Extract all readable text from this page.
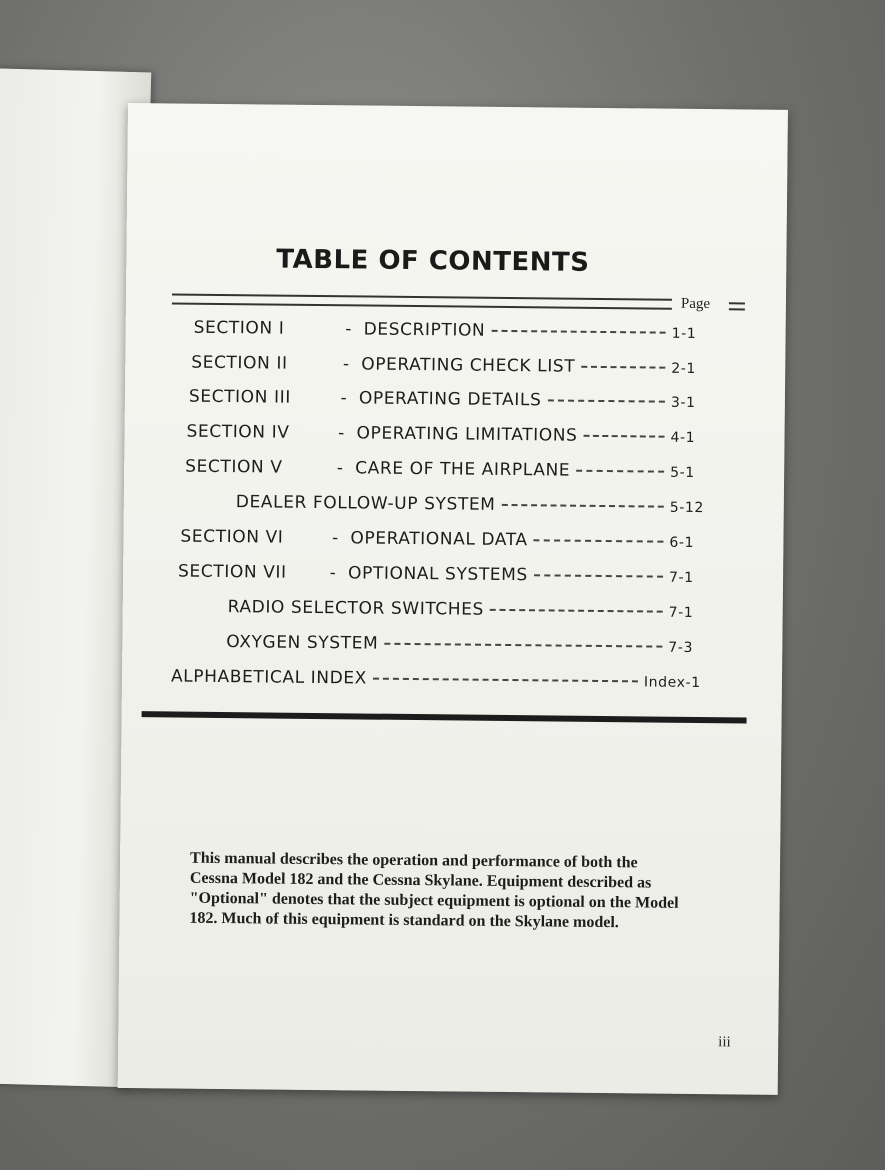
TABLE OF CONTENTS
Page
SECTION I	- DESCRIPTION	1-1
SECTION II	- OPERATING CHECK LIST	2-1
SECTION III	- OPERATING DETAILS	3-1
SECTION IV	- OPERATING LIMITATIONS	4-1
SECTION V	- CARE OF THE AIRPLANE	5-1
DEALER FOLLOW-UP SYSTEM	5-12
SECTION VI	- OPERATIONAL DATA	6-1
SECTION VII	- OPTIONAL SYSTEMS	7-1
RADIO SELECTOR SWITCHES	7-1
OXYGEN SYSTEM	7-3
ALPHABETICAL INDEX	Index-1
This manual describes the operation and performance of both the Cessna Model 182 and the Cessna Skylane. Equipment described as "Optional" denotes that the subject equipment is optional on the Model 182. Much of this equipment is standard on the Skylane model.
iii
